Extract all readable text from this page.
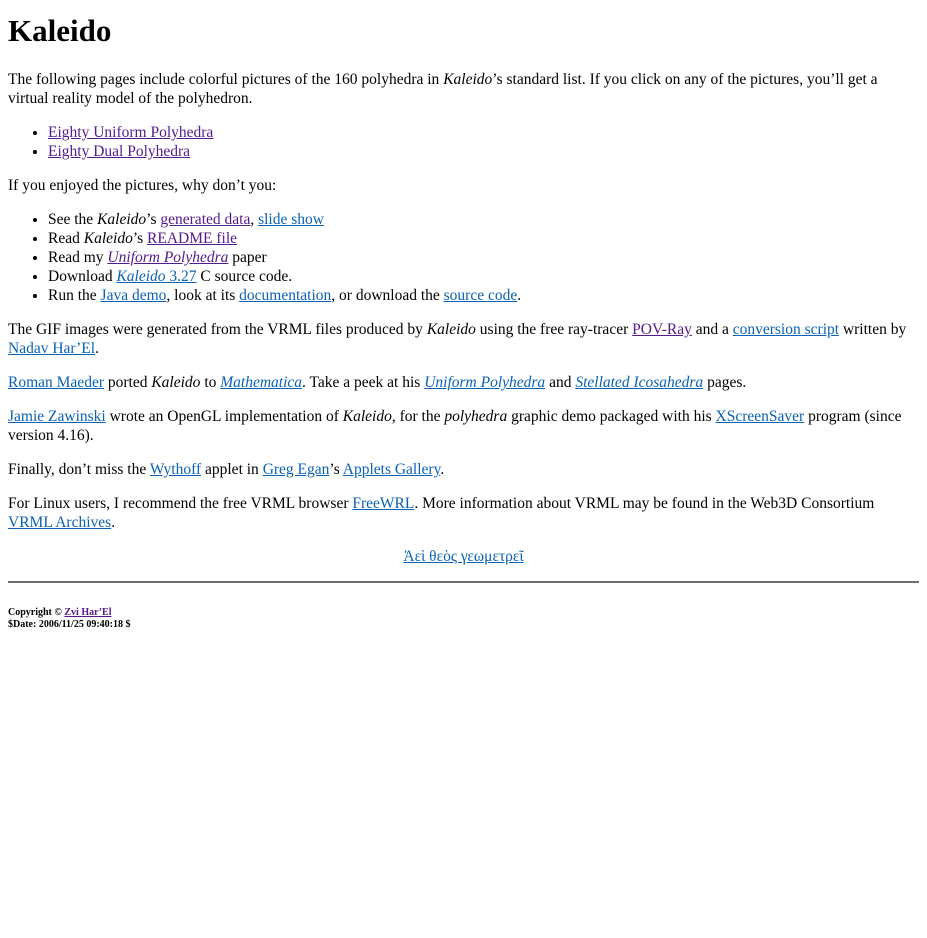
Kaleido

The following pages include colorful pictures of the 160 polyhedra in Kaleido’s standard list. If you click on any of the pictures, you’ll get a virtual reality model of the polyhedron.

• Eighty Uniform Polyhedra
• Eighty Dual Polyhedra

If you enjoyed the pictures, why don’t you:

• See the Kaleido’s generated data, slide show
• Read Kaleido’s README file
• Read my Uniform Polyhedra paper
• Download Kaleido 3.27 C source code.
• Run the Java demo, look at its documentation, or download the source code.

The GIF images were generated from the VRML files produced by Kaleido using the free ray-tracer POV-Ray and a conversion script written by Nadav Har’El.

Roman Maeder ported Kaleido to Mathematica. Take a peek at his Uniform Polyhedra and Stellated Icosahedra pages.

Jamie Zawinski wrote an OpenGL implementation of Kaleido, for the polyhedra graphic demo packaged with his XScreenSaver program (since version 4.16).

Finally, don’t miss the Wythoff applet in Greg Egan’s Applets Gallery.

For Linux users, I recommend the free VRML browser FreeWRL. More information about VRML may be found in the Web3D Consortium VRML Archives.

Ἀεὶ θεὸς γεωμετρεῖ

Copyright © Zvi Har’El
$Date: 2006/11/25 09:40:18 $
